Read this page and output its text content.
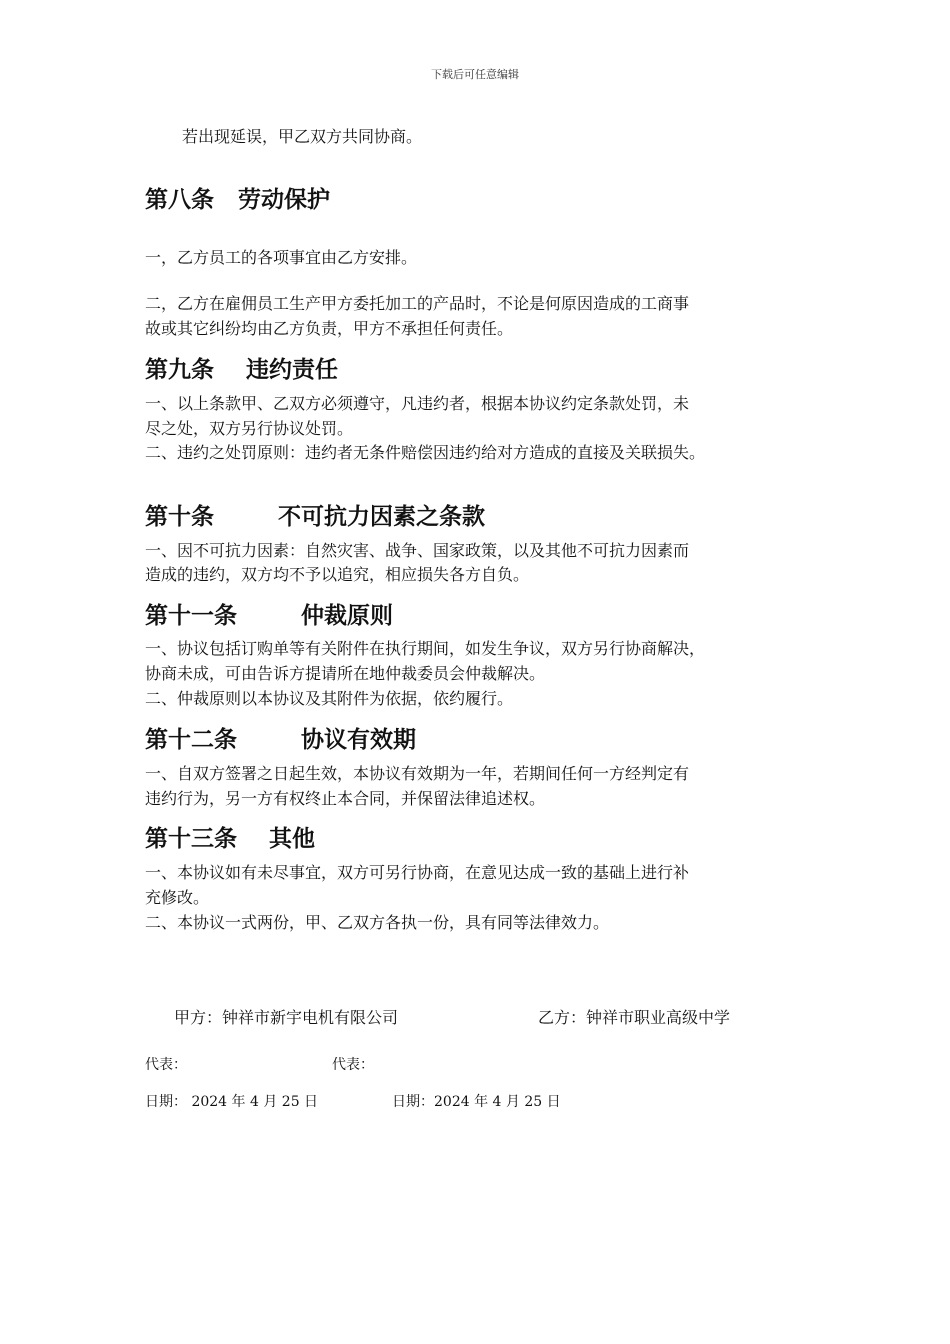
下载后可任意编辑
若出现延误，甲乙双方共同协商。
第八条   劳动保护
一，乙方员工的各项事宜由乙方安排。
二，乙方在雇佣员工生产甲方委托加工的产品时，不论是何原因造成的工商事
故或其它纠纷均由乙方负责，甲方不承担任何责任。
第九条    违约责任
一、以上条款甲、乙双方必须遵守，凡违约者，根据本协议约定条款处罚，未
尽之处，双方另行协议处罚。
二、违约之处罚原则：违约者无条件赔偿因违约给对方造成的直接及关联损失。
第十条        不可抗力因素之条款
一、因不可抗力因素：自然灾害、战争、国家政策，以及其他不可抗力因素而
造成的违约，双方均不予以追究，相应损失各方自负。
第十一条        仲裁原则
一、协议包括订购单等有关附件在执行期间，如发生争议，双方另行协商解决，
协商未成，可由告诉方提请所在地仲裁委员会仲裁解决。
二、仲裁原则以本协议及其附件为依据，依约履行。
第十二条        协议有效期
一、自双方签署之日起生效，本协议有效期为一年，若期间任何一方经判定有
违约行为，另一方有权终止本合同，并保留法律追述权。
第十三条    其他
一、本协议如有未尽事宜，双方可另行协商，在意见达成一致的基础上进行补
充修改。
二、本协议一式两份，甲、乙双方各执一份，具有同等法律效力。
甲方：钟祥市新宇电机有限公司	乙方：钟祥市职业高级中学
代表：	代表：
日期： 2024 年 4 月 25 日	日期：2024 年 4 月 25 日
